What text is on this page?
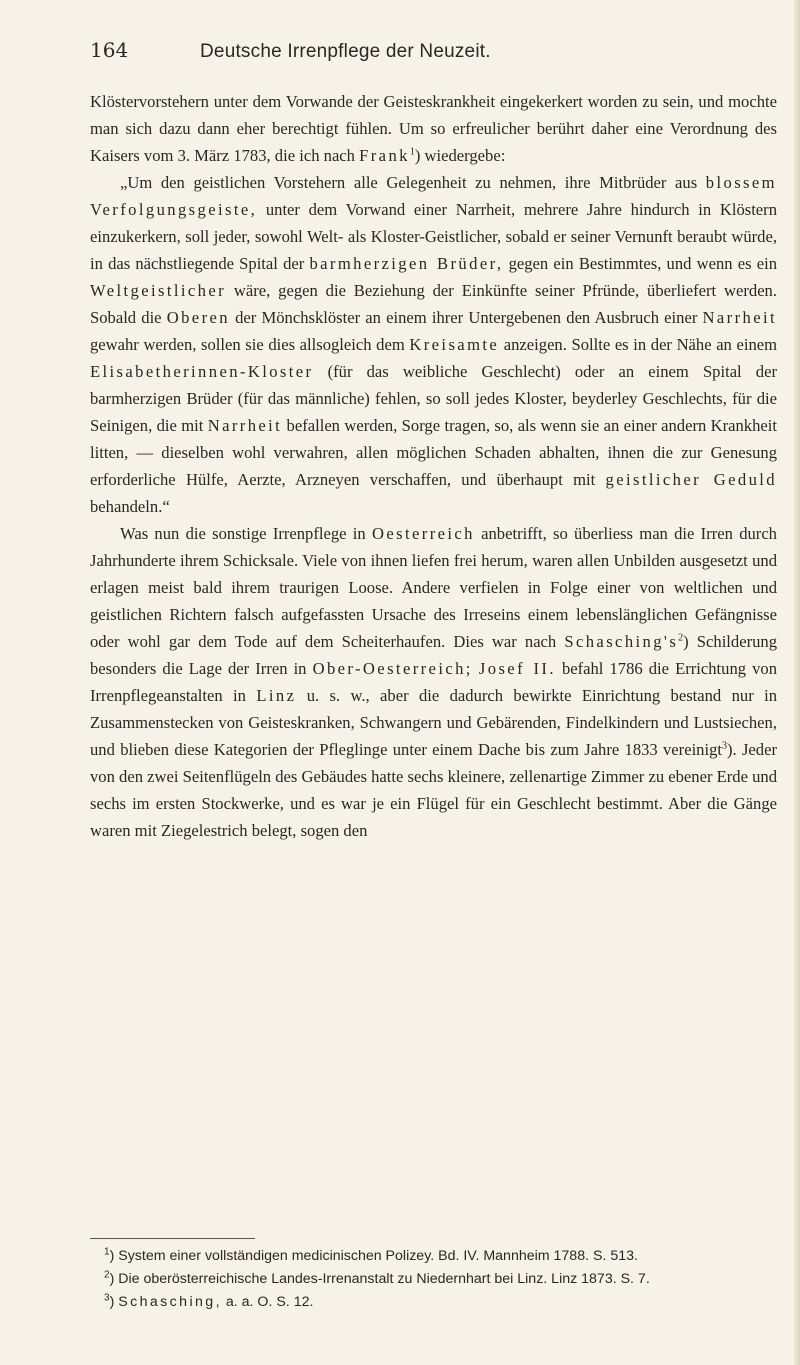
164	Deutsche Irrenpflege der Neuzeit.

Klöstervorstehern unter dem Vorwande der Geisteskrankheit eingekerkert worden zu sein, und mochte man sich dazu dann eher berechtigt fühlen. Um so erfreulicher berührt daher eine Verordnung des Kaisers vom 3. März 1783, die ich nach Frank$^1$) wiedergebe:

„Um den geistlichen Vorstehern alle Gelegenheit zu nehmen, ihre Mitbrüder aus blossem Verfolgungsgeiste, unter dem Vorwand einer Narrheit, mehrere Jahre hindurch in Klöstern einzukerkern, soll jeder, sowohl Welt- als Kloster-Geistlicher, sobald er seiner Vernunft beraubt würde, in das nächstliegende Spital der barmherzigen Brüder, gegen ein Bestimmtes, und wenn es ein Weltgeistlicher wäre, gegen die Beziehung der Einkünfte seiner Pfründe, überliefert werden. Sobald die Oberen der Mönchsklöster an einem ihrer Untergebenen den Ausbruch einer Narrheit gewahr werden, sollen sie dies allsogleich dem Kreisamte anzeigen. Sollte es in der Nähe an einem Elisabetherinnen-Kloster (für das weibliche Geschlecht) oder an einem Spital der barmherzigen Brüder (für das männliche) fehlen, so soll jedes Kloster, beyderley Geschlechts, für die Seinigen, die mit Narrheit befallen werden, Sorge tragen, so, als wenn sie an einer andern Krankheit litten, — dieselben wohl verwahren, allen möglichen Schaden abhalten, ihnen die zur Genesung erforderliche Hülfe, Aerzte, Arzneyen verschaffen, und überhaupt mit geistlicher Geduld behandeln.“

Was nun die sonstige Irrenpflege in Oesterreich anbetrifft, so überliess man die Irren durch Jahrhunderte ihrem Schicksale. Viele von ihnen liefen frei herum, waren allen Unbilden ausgesetzt und erlagen meist bald ihrem traurigen Loose. Andere verfielen in Folge einer von weltlichen und geistlichen Richtern falsch aufgefassten Ursache des Irreseins einem lebenslänglichen Gefängnisse oder wohl gar dem Tode auf dem Scheiterhaufen. Dies war nach $Schasching's^2$) Schilderung besonders die Lage der Irren in Ober-Oesterreich; Josef II. befahl 1786 die Errichtung von Irrenpflegeanstalten in Linz u. s. w., aber die dadurch bewirkte Einrichtung bestand nur in Zusammenstecken von Geisteskranken, Schwangern und Gebärenden, Findelkindern und Lustsiechen, und blieben diese Kategorien der Pfleglinge unter einem Dache bis zum Jahre 1833 vereinigt$^3$). Jeder von den zwei Seitenflügeln des Gebäudes hatte sechs kleinere, zellenartige Zimmer zu ebener Erde und sechs im ersten Stockwerke, und es war je ein Flügel für ein Geschlecht bestimmt. Aber die Gänge waren mit Ziegelestrich belegt, sogen den

$^1$) System einer vollständigen medicinischen Polizey. Bd. IV. Mannheim 1788. S. 513.

$^2$) Die oberösterreichische Landes-Irrenanstalt zu Niedernhart bei Linz. Linz 1873. S. 7.

$^3$) Schasching, a. a. O. S. 12.
